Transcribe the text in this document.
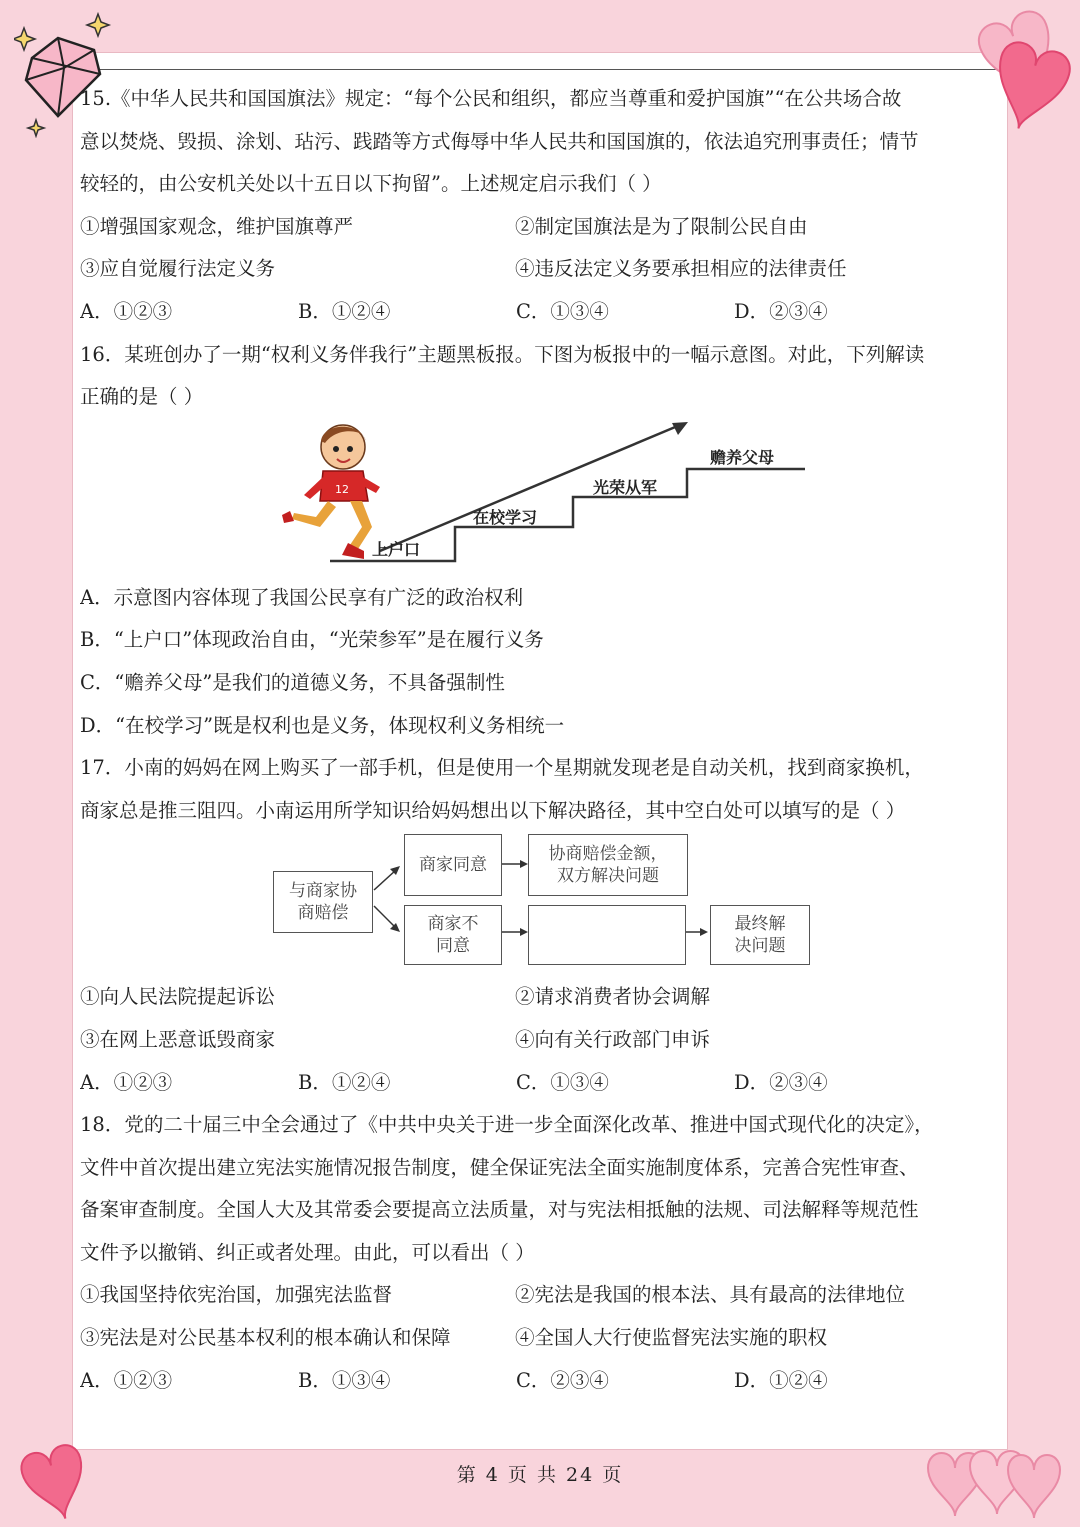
15.《中华人民共和国国旗法》规定：“每个公民和组织，都应当尊重和爱护国旗”“在公共场合故
意以焚烧、毁损、涂划、玷污、践踏等方式侮辱中华人民共和国国旗的，依法追究刑事责任；情节
较轻的，由公安机关处以十五日以下拘留”。上述规定启示我们（ ）
①增强国家观念，维护国旗尊严	②制定国旗法是为了限制公民自由
③应自觉履行法定义务	④违反法定义务要承担相应的法律责任
A．①②③	B．①②④	C．①③④	D．②③④
16．某班创办了一期“权利义务伴我行”主题黑板报。下图为板报中的一幅示意图。对此，下列解读
正确的是（ ）
12
上户口
在校学习
光荣从军
赡养父母
A．示意图内容体现了我国公民享有广泛的政治权利
B．“上户口”体现政治自由，“光荣参军”是在履行义务
C．“赡养父母”是我们的道德义务，不具备强制性
D．“在校学习”既是权利也是义务，体现权利义务相统一
17．小南的妈妈在网上购买了一部手机，但是使用一个星期就发现老是自动关机，找到商家换机，
商家总是推三阻四。小南运用所学知识给妈妈想出以下解决路径，其中空白处可以填写的是（ ）
与商家协商赔偿
商家同意
协商赔偿金额，双方解决问题
商家不同意
最终解决问题
①向人民法院提起诉讼	②请求消费者协会调解
③在网上恶意诋毁商家	④向有关行政部门申诉
A．①②③	B．①②④	C．①③④	D．②③④
18．党的二十届三中全会通过了《中共中央关于进一步全面深化改革、推进中国式现代化的决定》，
文件中首次提出建立宪法实施情况报告制度，健全保证宪法全面实施制度体系，完善合宪性审查、
备案审查制度。全国人大及其常委会要提高立法质量，对与宪法相抵触的法规、司法解释等规范性
文件予以撤销、纠正或者处理。由此，可以看出（ ）
①我国坚持依宪治国，加强宪法监督	②宪法是我国的根本法、具有最高的法律地位
③宪法是对公民基本权利的根本确认和保障	④全国人大行使监督宪法实施的职权
A．①②③	B．①③④	C．②③④	D．①②④
第 4 页 共 24 页
